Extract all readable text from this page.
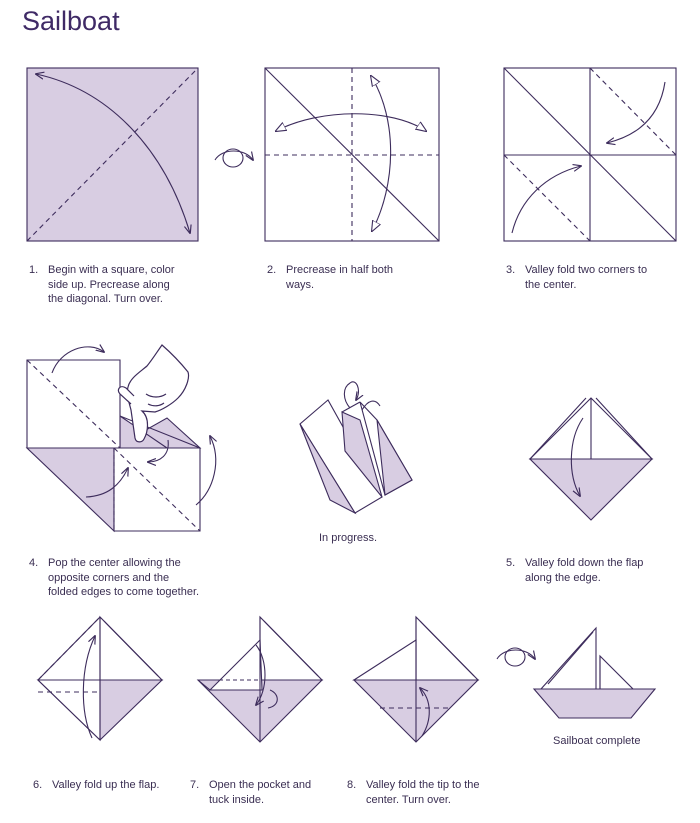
Sailboat
1. Begin with a square, color
side up. Precrease along
the diagonal. Turn over.
2. Precrease in half both
ways.
3. Valley fold two corners to
the center.
4. Pop the center allowing the
opposite corners and the
folded edges to come together.
In progress.
5. Valley fold down the flap
along the edge.
6. Valley fold up the flap.	7. Open the pocket and
tuck inside.
8. Valley fold the tip to the
center. Turn over.
Sailboat complete
